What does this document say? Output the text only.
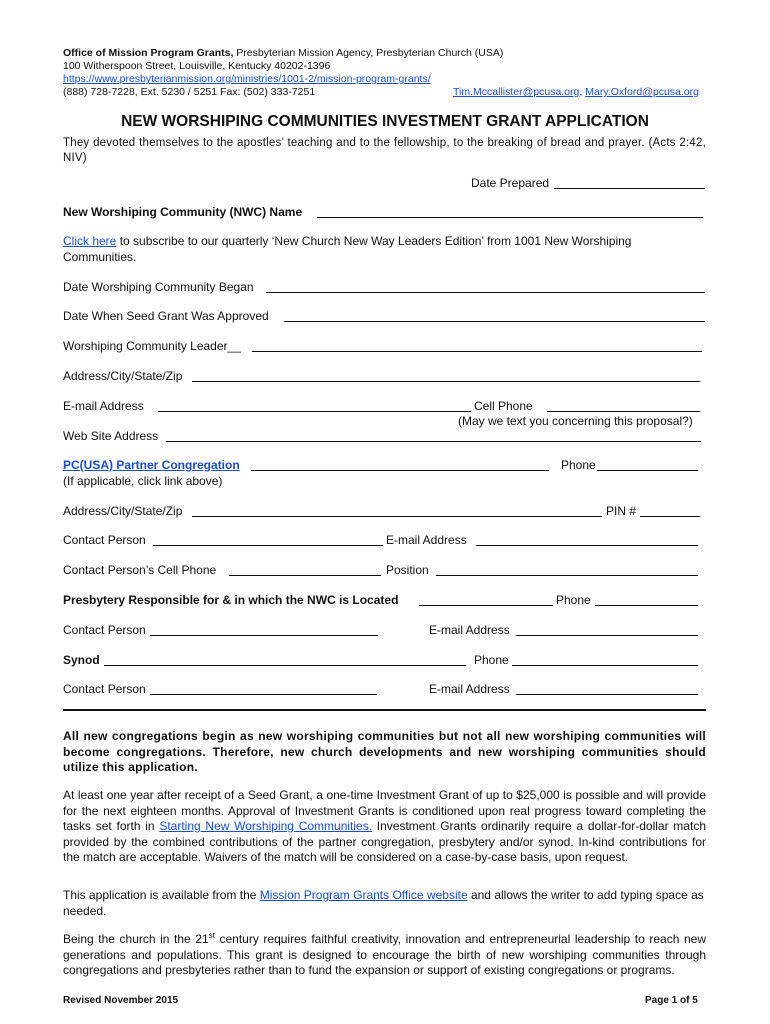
Office of Mission Program Grants, Presbyterian Mission Agency, Presbyterian Church (USA)
100 Witherspoon Street, Louisville, Kentucky 40202-1396
https://www.presbyterianmission.org/ministries/1001-2/mission-program-grants/
(888) 728-7228, Ext. 5230 / 5251 Fax: (502) 333-7251	Tim.Mccallister@pcusa.org, Mary.Oxford@pcusa.org
NEW WORSHIPING COMMUNITIES INVESTMENT GRANT APPLICATION
They devoted themselves to the apostles’ teaching and to the fellowship, to the breaking of bread and prayer. (Acts 2:42, NIV)
Date Prepared
New Worshiping Community (NWC) Name
Click here to subscribe to our quarterly ‘New Church New Way Leaders Edition’ from 1001 New Worshiping Communities.
Date Worshiping Community Began
Date When Seed Grant Was Approved
Worshiping Community Leader__
Address/City/State/Zip
E-mail Address	Cell Phone
(May we text you concerning this proposal?)
Web Site Address
PC(USA) Partner Congregation	Phone
(If applicable, click link above)
Address/City/State/Zip	PIN #
Contact Person	E-mail Address
Contact Person’s Cell Phone	Position
Presbytery Responsible for & in which the NWC is Located	Phone
Contact Person	E-mail Address
Synod	Phone
Contact Person	E-mail Address
All new congregations begin as new worshiping communities but not all new worshiping communities will become congregations. Therefore, new church developments and new worshiping communities should utilize this application.
At least one year after receipt of a Seed Grant, a one-time Investment Grant of up to $25,000 is possible and will provide for the next eighteen months. Approval of Investment Grants is conditioned upon real progress toward completing the tasks set forth in Starting New Worshiping Communities. Investment Grants ordinarily require a dollar-for-dollar match provided by the combined contributions of the partner congregation, presbytery and/or synod. In-kind contributions for the match are acceptable. Waivers of the match will be considered on a case-by-case basis, upon request.
This application is available from the Mission Program Grants Office website and allows the writer to add typing space as needed.
Being the church in the 21st century requires faithful creativity, innovation and entrepreneurial leadership to reach new generations and populations. This grant is designed to encourage the birth of new worshiping communities through congregations and presbyteries rather than to fund the expansion or support of existing congregations or programs.
Revised November 2015	Page 1 of 5
